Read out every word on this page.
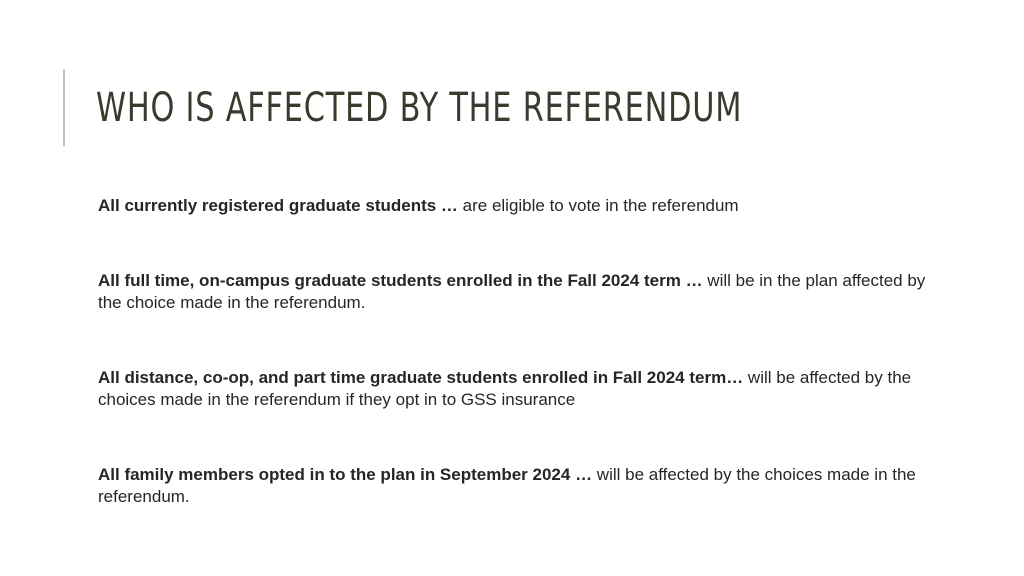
WHO IS AFFECTED BY THE REFERENDUM

All currently registered graduate students … are eligible to vote in the referendum

All full time, on-campus graduate students enrolled in the Fall 2024 term … will be in the plan affected by the choice made in the referendum.

All distance, co-op, and part time graduate students enrolled in Fall 2024 term… will be affected by the choices made in the referendum if they opt in to GSS insurance

All family members opted in to the plan in September 2024 … will be affected by the choices made in the referendum.
